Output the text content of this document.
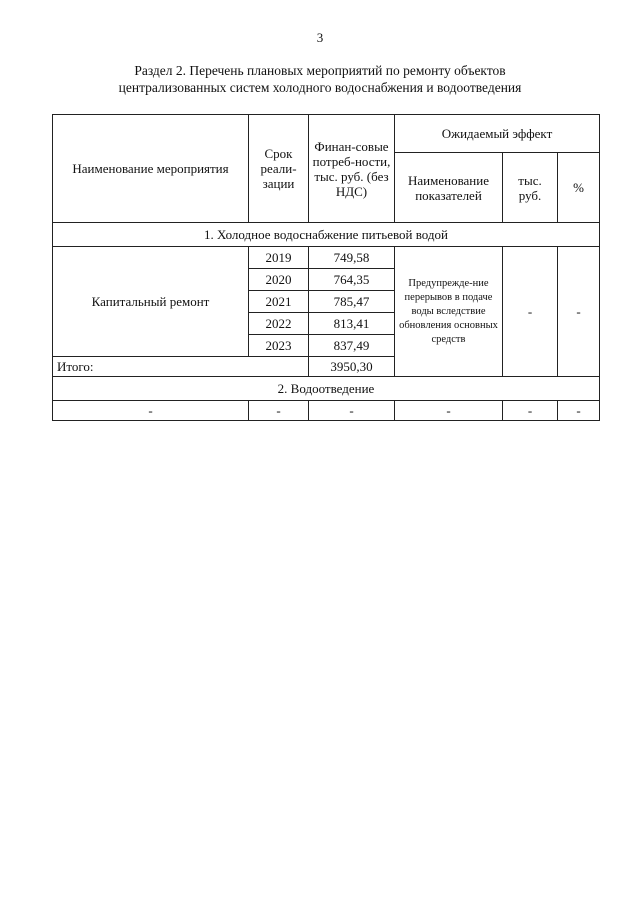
3
Раздел 2. Перечень плановых мероприятий по ремонту объектов
централизованных систем холодного водоснабжения и водоотведения
Наименование мероприятия	Срок реали-зации	Финан-совые потреб-ности, тыс. руб. (без НДС)	Ожидаемый эффект		

			Наименование показателей	тыс. руб.	%
1. Холодное водоснабжение питьевой водой					
Капитальный ремонт	2019	749,58	Предупрежде-ние перерывов в подаче воды вследствие обновления основных средств	-	-
	2020	764,35			
	2021	785,47			
	2022	813,41			
	2023	837,49			
Итого:		3950,30			
2. Водоотведение					
-	-	-	-	-	-
